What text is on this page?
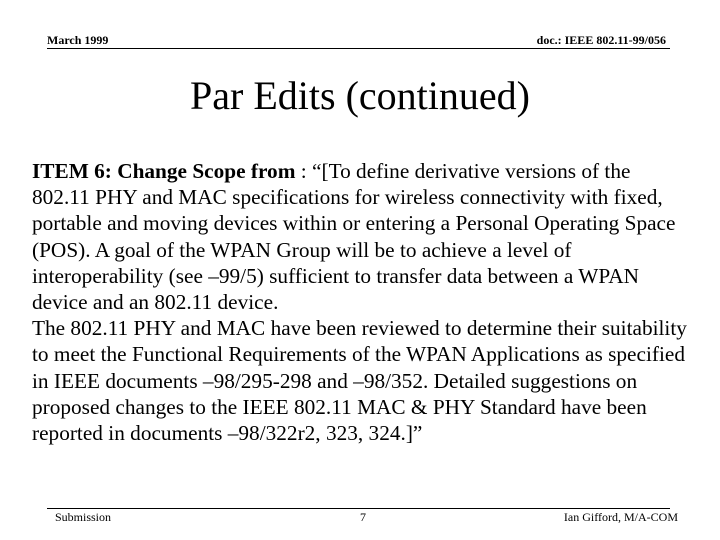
March 1999	doc.: IEEE 802.11-99/056
Par Edits (continued)

ITEM 6: Change Scope from : “[To define derivative versions of the 802.11 PHY and MAC specifications for wireless connectivity with fixed, portable and moving devices within or entering a Personal Operating Space (POS). A goal of the WPAN Group will be to achieve a level of interoperability (see –99/5) sufficient to transfer data between a WPAN device and an 802.11 device.

The 802.11 PHY and MAC have been reviewed to determine their suitability to meet the Functional Requirements of the WPAN Applications as specified in IEEE documents –98/295-298 and –98/352. Detailed suggestions on proposed changes to the IEEE 802.11 MAC & PHY Standard have been reported in documents –98/322r2, 323, 324.]”

Submission	7	Ian Gifford, M/A-COM
